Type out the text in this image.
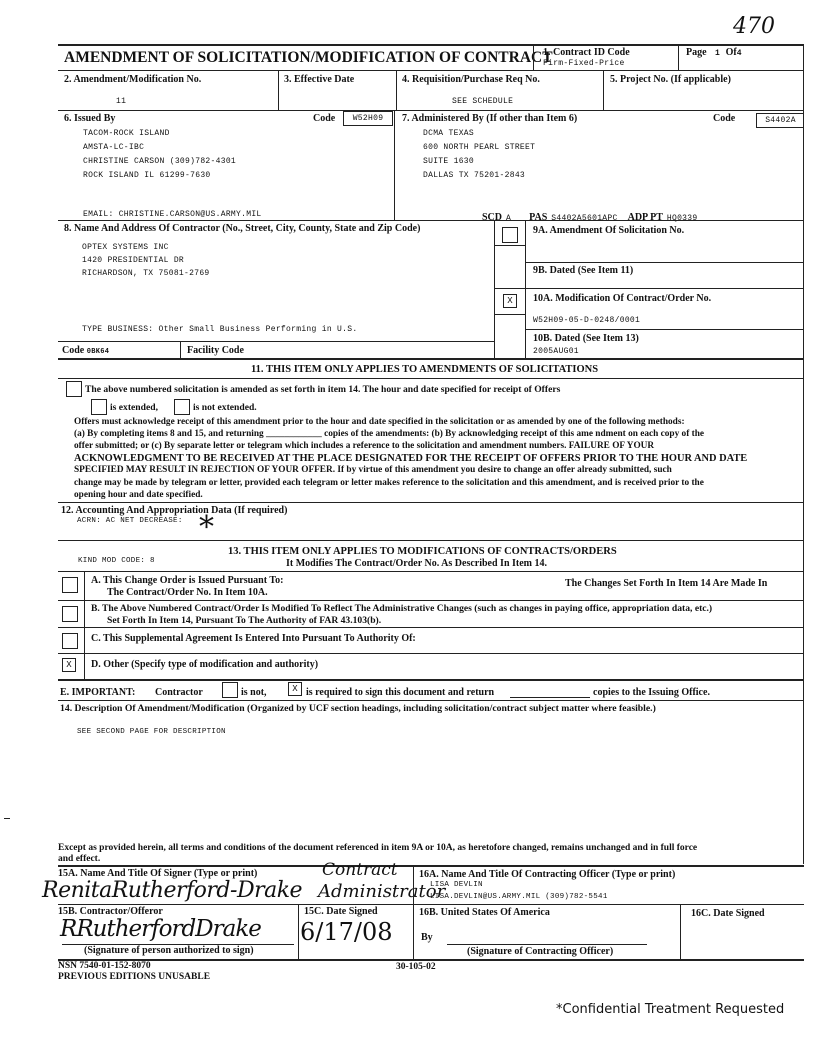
470
AMENDMENT OF SOLICITATION/MODIFICATION OF CONTRACT
1. Contract ID Code
Firm-Fixed-Price
Page 1 Of4
2. Amendment/Modification No.
11
3. Effective Date	4. Requisition/Purchase Req No.
SEE SCHEDULE
5. Project No. (If applicable)
6. Issued By	Code	W52H09
TACOM-ROCK ISLAND
AMSTA-LC-IBC
CHRISTINE CARSON (309)782-4301
ROCK ISLAND IL 61299-7630
EMAIL: CHRISTINE.CARSON@US.ARMY.MIL
7. Administered By (If other than Item 6)	Code	S4402A
DCMA TEXAS
600 NORTH PEARL STREET
SUITE 1630
DALLAS TX 75201-2843
SCD A PAS S4402A5601APC ADP PT HQ0339
8. Name And Address Of Contractor (No., Street, City, County, State and Zip Code)
OPTEX SYSTEMS INC
1420 PRESIDENTIAL DR
RICHARDSON, TX 75081-2769
TYPE BUSINESS: Other Small Business Performing in U.S.
Code 0BK64	Facility Code
9A. Amendment Of Solicitation No.
9B. Dated (See Item 11)
X	10A. Modification Of Contract/Order No.
W52H09-05-D-0248/0001
10B. Dated (See Item 13)
2005AUG01
11. THIS ITEM ONLY APPLIES TO AMENDMENTS OF SOLICITATIONS
The above numbered solicitation is amended as set forth in item 14. The hour and date specified for receipt of Offers
is extended,	is not extended.
Offers must acknowledge receipt of this amendment prior to the hour and date specified in the solicitation or as amended by one of the following methods:
(a) By completing items 8 and 15, and returning ____________ copies of the amendments: (b) By acknowledging receipt of this ame ndment on each copy of the
offer submitted; or (c) By separate letter or telegram which includes a reference to the solicitation and amendment numbers. FAILURE OF YOUR
ACKNOWLEDGMENT TO BE RECEIVED AT THE PLACE DESIGNATED FOR THE RECEIPT OF OFFERS PRIOR TO THE HOUR AND DATE
SPECIFIED MAY RESULT IN REJECTION OF YOUR OFFER. If by virtue of this amendment you desire to change an offer already submitted, such
change may be made by telegram or letter, provided each telegram or letter makes reference to the solicitation and this amendment, and is received prior to the
opening hour and date specified.
12. Accounting And Appropriation Data (If required)
ACRN: AC NET DECREASE: *
KIND MOD CODE: 8
13. THIS ITEM ONLY APPLIES TO MODIFICATIONS OF CONTRACTS/ORDERS
It Modifies The Contract/Order No. As Described In Item 14.
A. This Change Order is Issued Pursuant To:	The Changes Set Forth In Item 14 Are Made In
The Contract/Order No. In Item 10A.
B. The Above Numbered Contract/Order Is Modified To Reflect The Administrative Changes (such as changes in paying office, appropriation data, etc.)
Set Forth In Item 14, Pursuant To The Authority of FAR 43.103(b).
C. This Supplemental Agreement Is Entered Into Pursuant To Authority Of:
X	D. Other (Specify type of modification and authority)
E. IMPORTANT: Contractor	is not,	X is required to sign this document and return	copies to the Issuing Office.
14. Description Of Amendment/Modification (Organized by UCF section headings, including solicitation/contract subject matter where feasible.)
SEE SECOND PAGE FOR DESCRIPTION
Except as provided herein, all terms and conditions of the document referenced in item 9A or 10A, as heretofore changed, remains unchanged and in full force
and effect.
15A. Name And Title Of Signer (Type or print)	Contract
RenitaRutherford-Drake Administrator
16A. Name And Title Of Contracting Officer (Type or print)
LISA DEVLIN
LISA.DEVLIN@US.ARMY.MIL (309)782-5541
15B. Contractor/Offeror
RRutherfordDrake
(Signature of person authorized to sign)
15C. Date Signed
6/17/08
16B. United States Of America
By
(Signature of Contracting Officer)
16C. Date Signed
NSN 7540-01-152-8070
PREVIOUS EDITIONS UNUSABLE
30-105-02
*Confidential Treatment Requested
